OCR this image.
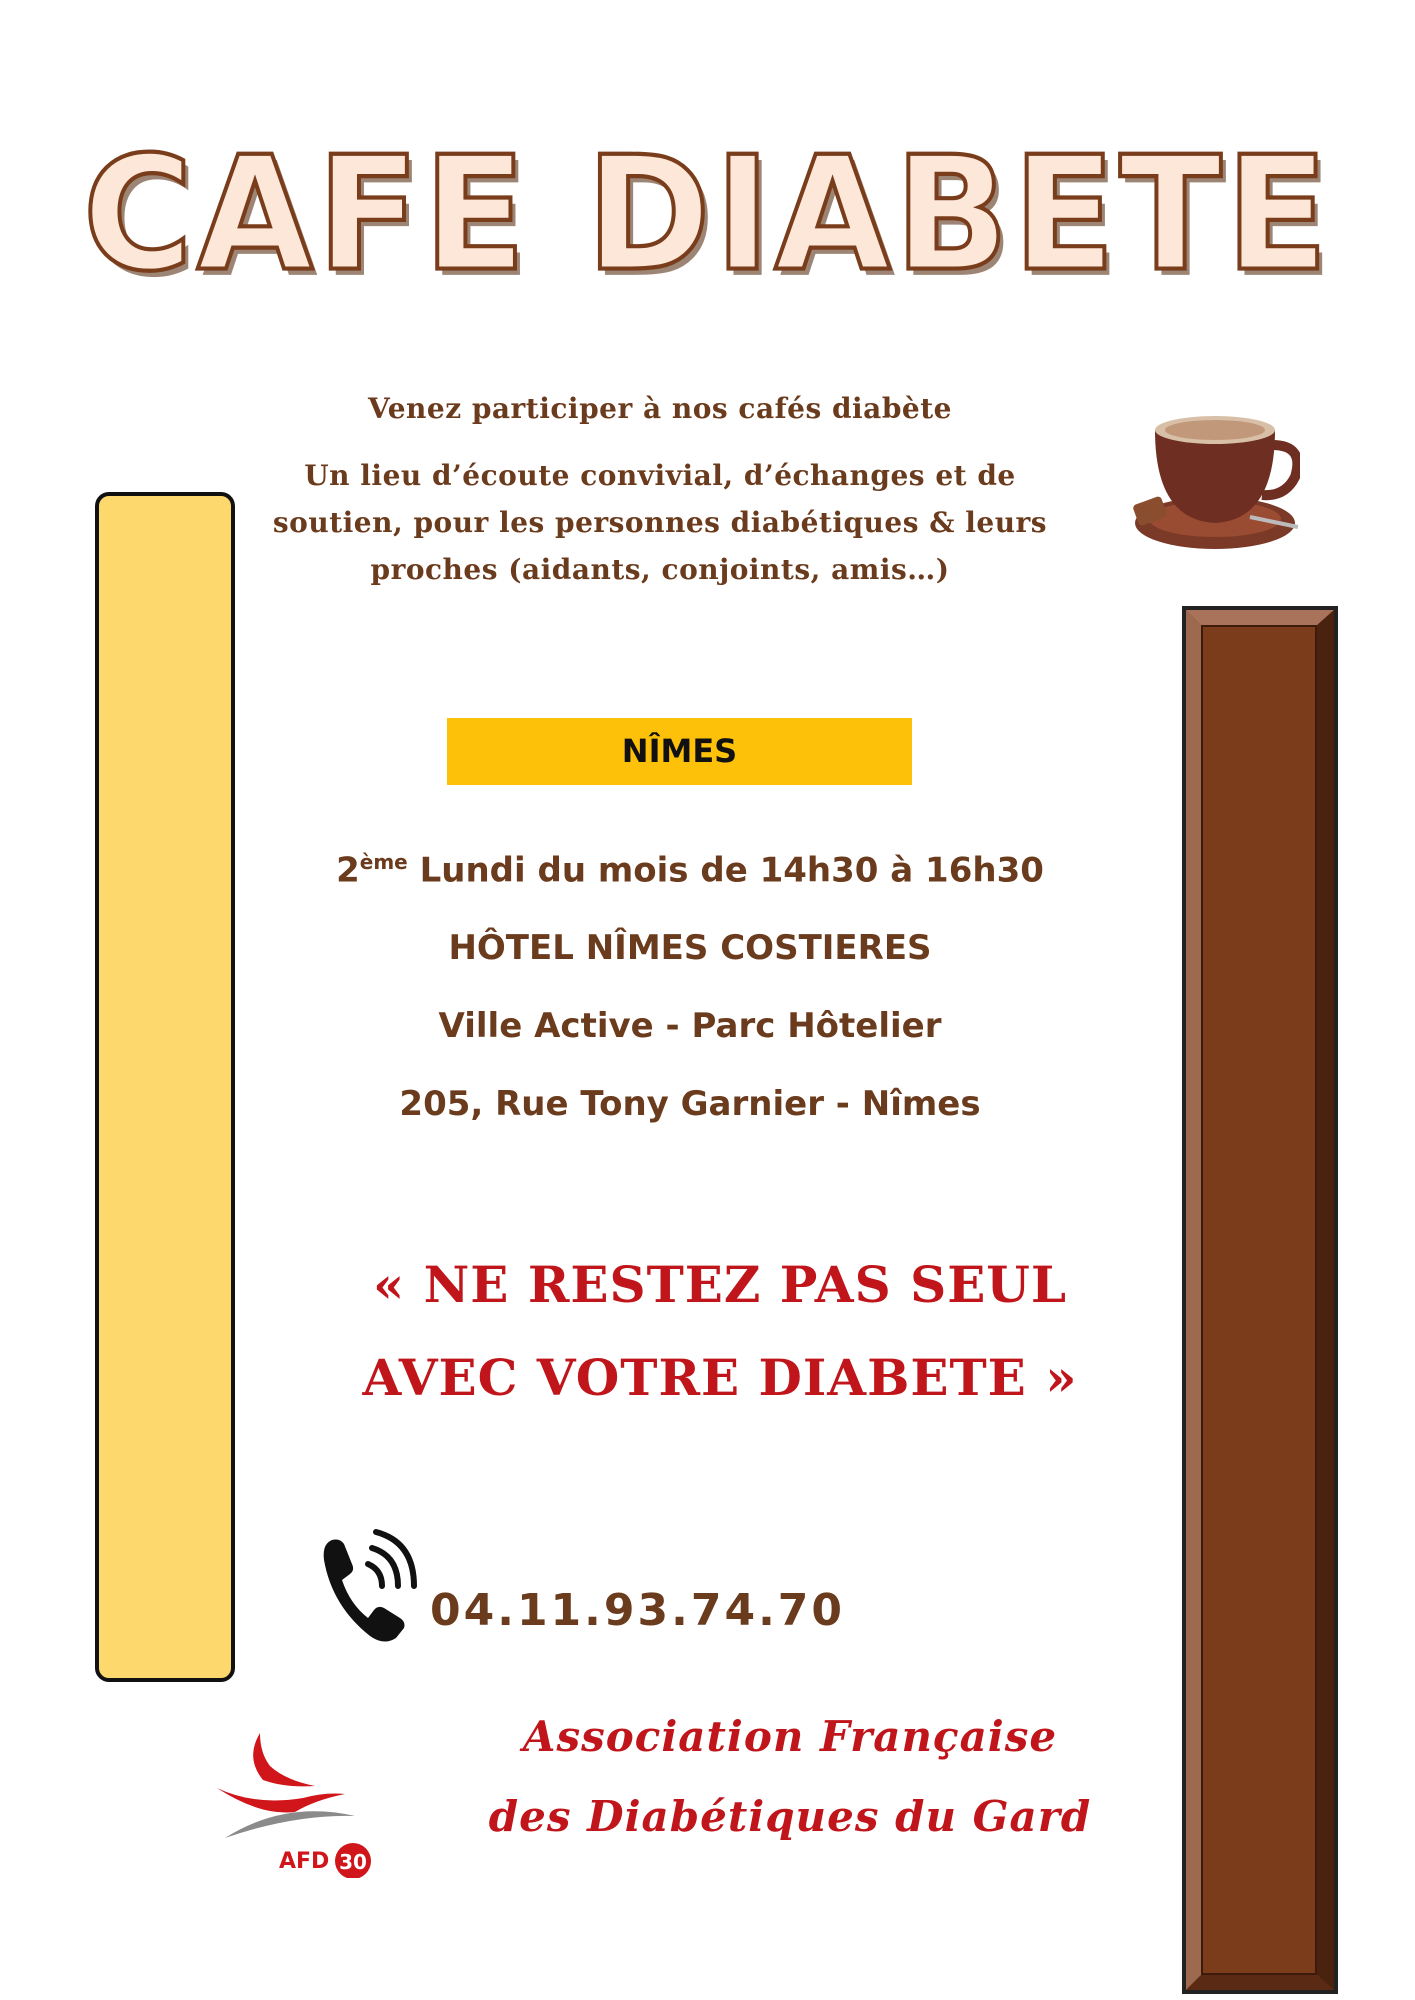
CAFE DIABETE
Venez participer à nos cafés diabète
Un lieu d’écoute convivial, d’échanges et de soutien, pour les personnes diabétiques & leurs proches (aidants, conjoints, amis…)
NÎMES
2ème Lundi du mois de 14h30 à 16h30
HÔTEL NÎMES COSTIERES
Ville Active - Parc Hôtelier
205, Rue Tony Garnier - Nîmes
« NE RESTEZ PAS SEUL
AVEC VOTRE DIABETE »
04.11.93.74.70
Association Française
des Diabétiques du Gard
AFD 30
